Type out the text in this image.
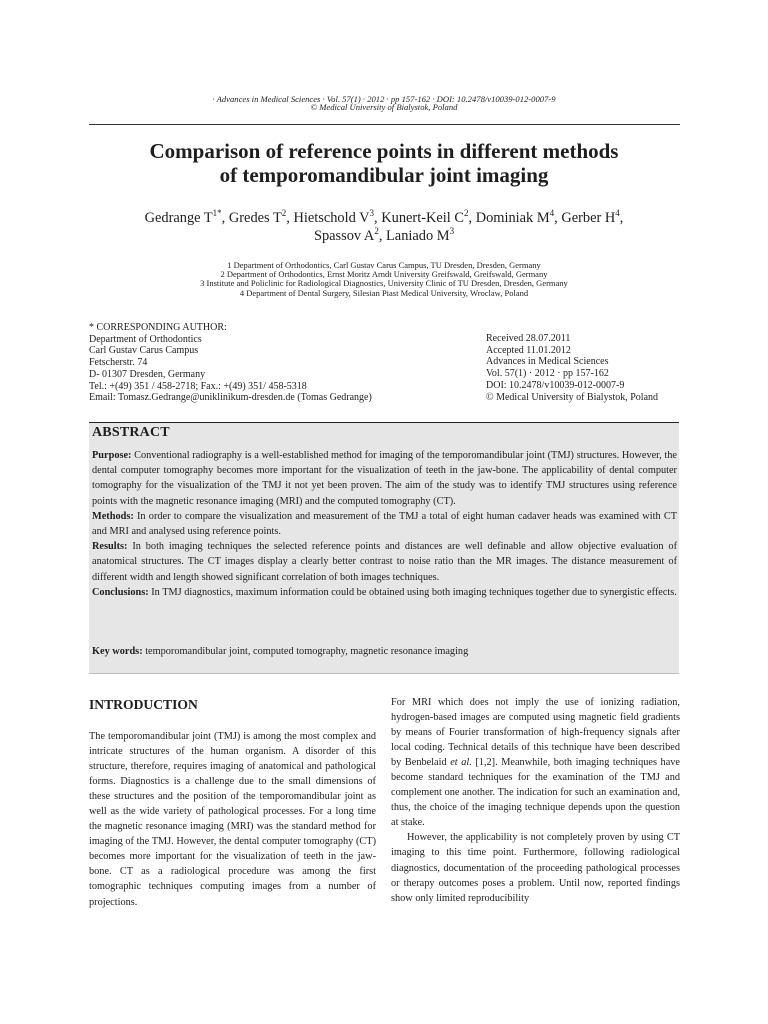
· Advances in Medical Sciences · Vol. 57(1) · 2012 · pp 157-162 · DOI: 10.2478/v10039-012-0007-9
© Medical University of Bialystok, Poland
Comparison of reference points in different methods
of temporomandibular joint imaging
Gedrange $T^{1*}$, Gredes $T^2$, Hietschold $V^3$, Kunert-Keil $C^2$, Dominiak $M^4$, Gerber $H^4$,
Spassov $A^2$, Laniado $M^3$
1 Department of Orthodontics, Carl Gustav Carus Campus, TU Dresden, Dresden, Germany
2 Department of Orthodontics, Ernst Moritz Arndt University Greifswald, Greifswald, Germany
3 Institute and Policlinic for Radiological Diagnostics, University Clinic of TU Dresden, Dresden, Germany
4 Department of Dental Surgery, Silesian Piast Medical University, Wroclaw, Poland
* CORRESPONDING AUTHOR:
Department of Orthodontics
Carl Gustav Carus Campus
Fetscherstr. 74
D- 01307 Dresden, Germany
Tel.: +(49) 351 / 458-2718; Fax.: +(49) 351/ 458-5318
Email: Tomasz.Gedrange@uniklinikum-dresden.de (Tomas Gedrange)
Received 28.07.2011
Accepted 11.01.2012
Advances in Medical Sciences
Vol. 57(1) · 2012 · pp 157-162
DOI: 10.2478/v10039-012-0007-9
© Medical University of Bialystok, Poland
ABSTRACT

Purpose: Conventional radiography is a well-established method for imaging of the temporomandibular joint (TMJ) structures. However, the dental computer tomography becomes more important for the visualization of teeth in the jaw-bone. The applicability of dental computer tomography for the visualization of the TMJ it not yet been proven. The aim of the study was to identify TMJ structures using reference points with the magnetic resonance imaging (MRI) and the computed tomography (CT).

Methods: In order to compare the visualization and measurement of the TMJ a total of eight human cadaver heads was examined with CT and MRI and analysed using reference points.

Results: In both imaging techniques the selected reference points and distances are well definable and allow objective evaluation of anatomical structures. The CT images display a clearly better contrast to noise ratio than the MR images. The distance measurement of different width and length showed significant correlation of both images techniques.

Conclusions: In TMJ diagnostics, maximum information could be obtained using both imaging techniques together due to synergistic effects.

Key words: temporomandibular joint, computed tomography, magnetic resonance imaging
INTRODUCTION

The temporomandibular joint (TMJ) is among the most complex and intricate structures of the human organism. A disorder of this structure, therefore, requires imaging of anatomical and pathological forms. Diagnostics is a challenge due to the small dimensions of these structures and the position of the temporomandibular joint as well as the wide variety of pathological processes. For a long time the magnetic resonance imaging (MRI) was the standard method for imaging of the TMJ. However, the dental computer tomography (CT) becomes more important for the visualization of teeth in the jaw-bone. CT as a radiological procedure was among the first tomographic techniques computing images from a number of projections.

For MRI which does not imply the use of ionizing radiation, hydrogen-based images are computed using magnetic field gradients by means of Fourier transformation of high-frequency signals after local coding. Technical details of this technique have been described by Benbelaid et al. [1,2]. Meanwhile, both imaging techniques have become standard techniques for the examination of the TMJ and complement one another. The indication for such an examination and, thus, the choice of the imaging technique depends upon the question at stake.

However, the applicability is not completely proven by using CT imaging to this time point. Furthermore, following radiological diagnostics, documentation of the proceeding pathological processes or therapy outcomes poses a problem. Until now, reported findings show only limited reproducibility
